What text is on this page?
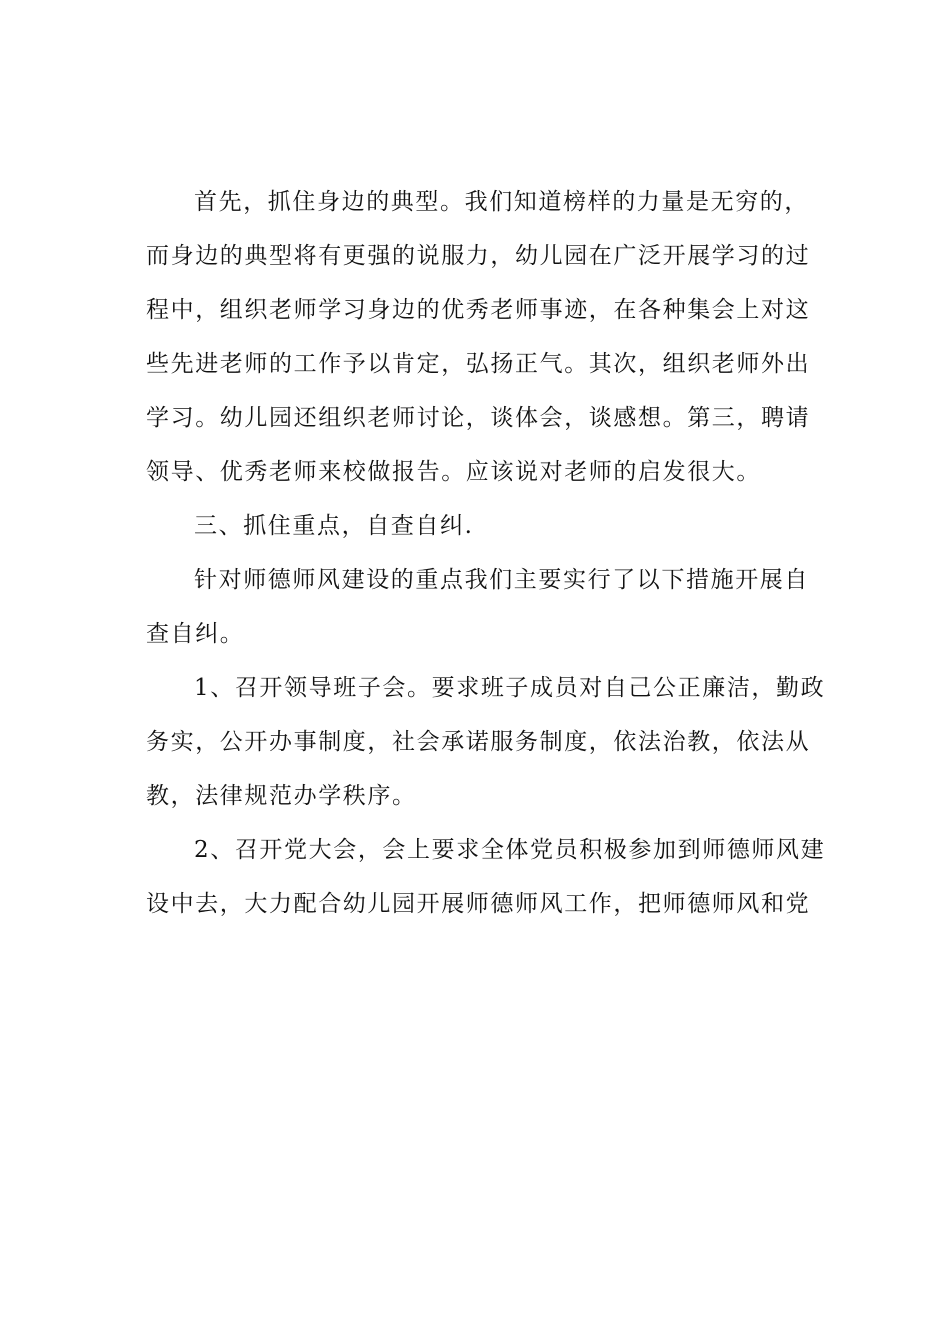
首先，抓住身边的典型。我们知道榜样的力量是无穷的，

而身边的典型将有更强的说服力，幼儿园在广泛开展学习的过

程中，组织老师学习身边的优秀老师事迹，在各种集会上对这

些先进老师的工作予以肯定，弘扬正气。其次，组织老师外出

学习。幼儿园还组织老师讨论，谈体会，谈感想。第三，聘请

领导、优秀老师来校做报告。应该说对老师的启发很大。

三、抓住重点，自查自纠.

针对师德师风建设的重点我们主要实行了以下措施开展自

查自纠。

1、召开领导班子会。要求班子成员对自己公正廉洁，勤政

务实，公开办事制度，社会承诺服务制度，依法治教，依法从

教，法律规范办学秩序。

2、召开党大会，会上要求全体党员积极参加到师德师风建

设中去，大力配合幼儿园开展师德师风工作，把师德师风和党
